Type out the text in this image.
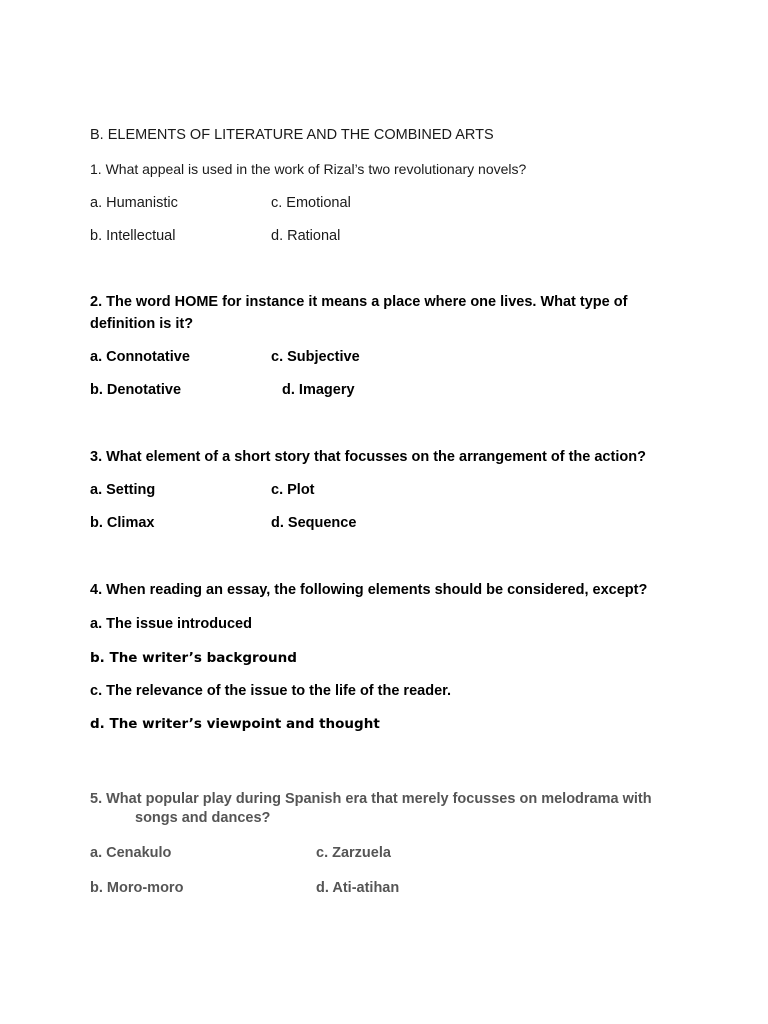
B. ELEMENTS OF LITERATURE AND THE COMBINED ARTS

1. What appeal is used in the work of Rizal’s two revolutionary novels?

a. Humanistic	c. Emotional

b. Intellectual	d. Rational

2. The word HOME for instance it means a place where one lives. What type of definition is it?

a. Connotative	c. Subjective

b. Denotative	d. Imagery

3. What element of a short story that focusses on the arrangement of the action?

a. Setting	c. Plot

b. Climax	d. Sequence

4. When reading an essay, the following elements should be considered, except?

a. The issue introduced

b. The writer’s background

c. The relevance of the issue to the life of the reader.

d. The writer’s viewpoint and thought

5. What popular play during Spanish era that merely focusses on melodrama with

songs and dances?

a. Cenakulo	c. Zarzuela

b. Moro-moro	d. Ati-atihan
